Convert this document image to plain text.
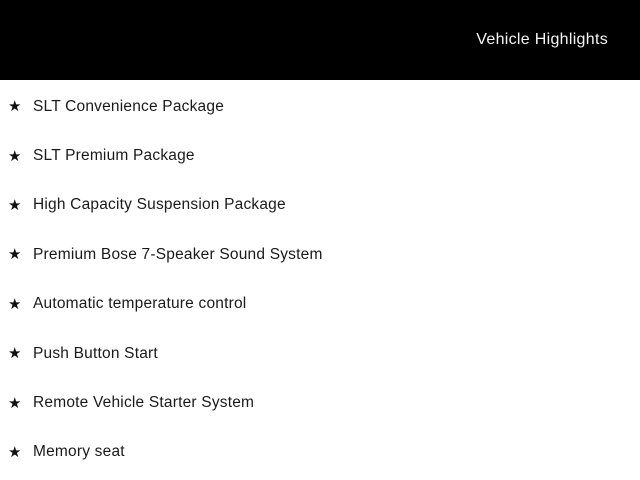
Vehicle Highlights
★ SLT Convenience Package
★ SLT Premium Package
★ High Capacity Suspension Package
★ Premium Bose 7-Speaker Sound System
★ Automatic temperature control
★ Push Button Start
★ Remote Vehicle Starter System
★ Memory seat
